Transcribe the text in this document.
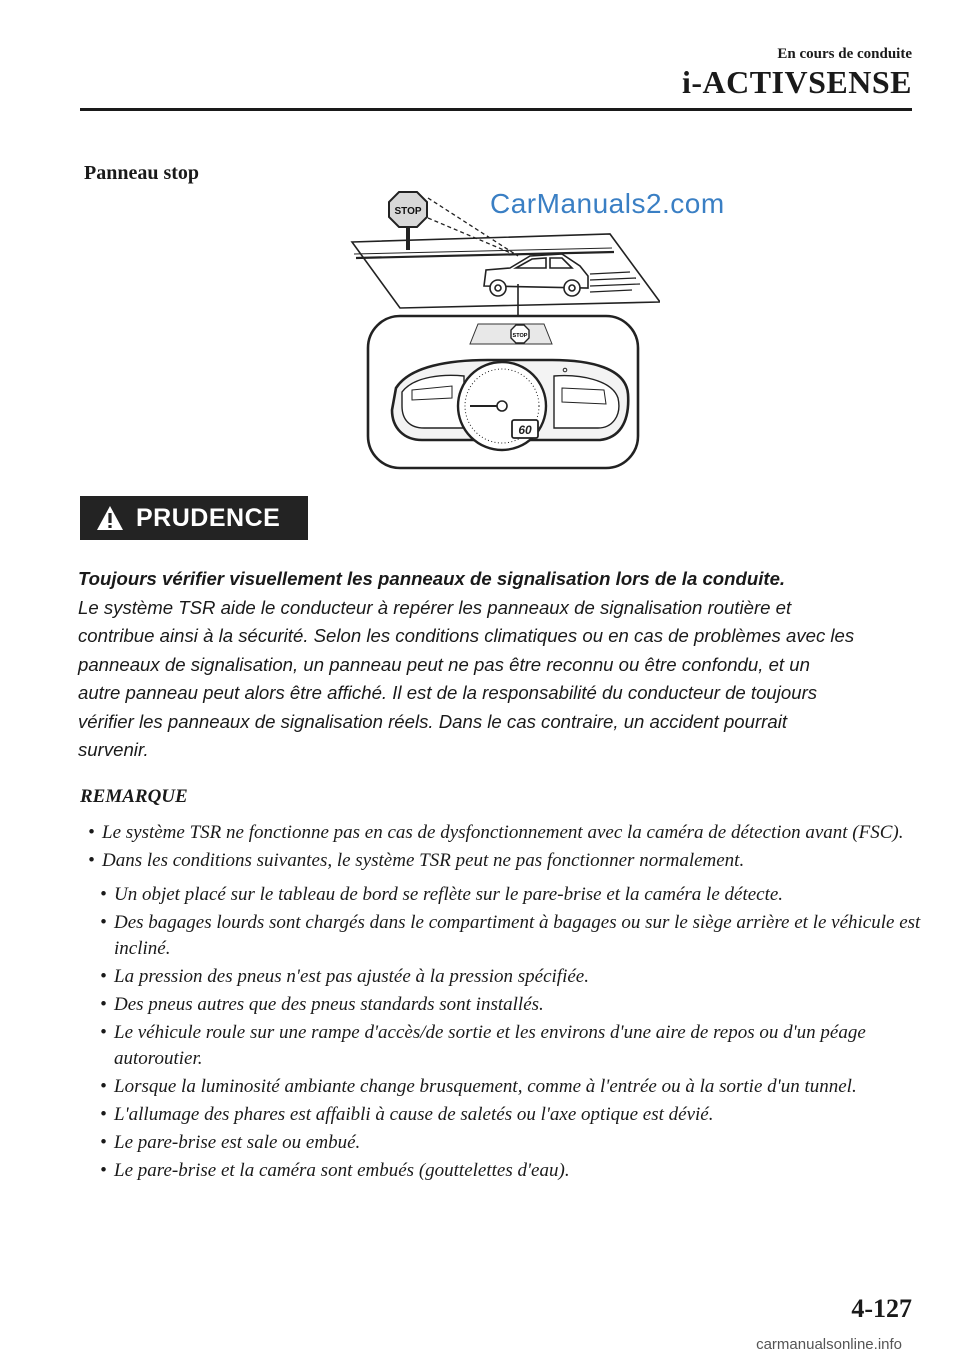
En cours de conduite
i-ACTIVSENSE
Panneau stop
STOP
STOP
60
CarManuals2.com
PRUDENCE
Toujours vérifier visuellement les panneaux de signalisation lors de la conduite.
Le système TSR aide le conducteur à repérer les panneaux de signalisation routière et
contribue ainsi à la sécurité. Selon les conditions climatiques ou en cas de problèmes avec les
panneaux de signalisation, un panneau peut ne pas être reconnu ou être confondu, et un
autre panneau peut alors être affiché. Il est de la responsabilité du conducteur de toujours
vérifier les panneaux de signalisation réels. Dans le cas contraire, un accident pourrait
survenir.
REMARQUE
• Le système TSR ne fonctionne pas en cas de dysfonctionnement avec la caméra de détection avant (FSC).
• Dans les conditions suivantes, le système TSR peut ne pas fonctionner normalement.
• Un objet placé sur le tableau de bord se reflète sur le pare-brise et la caméra le détecte.
• Des bagages lourds sont chargés dans le compartiment à bagages ou sur le siège arrière et le véhicule est incliné.
• La pression des pneus n'est pas ajustée à la pression spécifiée.
• Des pneus autres que des pneus standards sont installés.
• Le véhicule roule sur une rampe d'accès/de sortie et les environs d'une aire de repos ou d'un péage autoroutier.
• Lorsque la luminosité ambiante change brusquement, comme à l'entrée ou à la sortie d'un tunnel.
• L'allumage des phares est affaibli à cause de saletés ou l'axe optique est dévié.
• Le pare-brise est sale ou embué.
• Le pare-brise et la caméra sont embués (gouttelettes d'eau).
4-127
carmanualsonline.info
